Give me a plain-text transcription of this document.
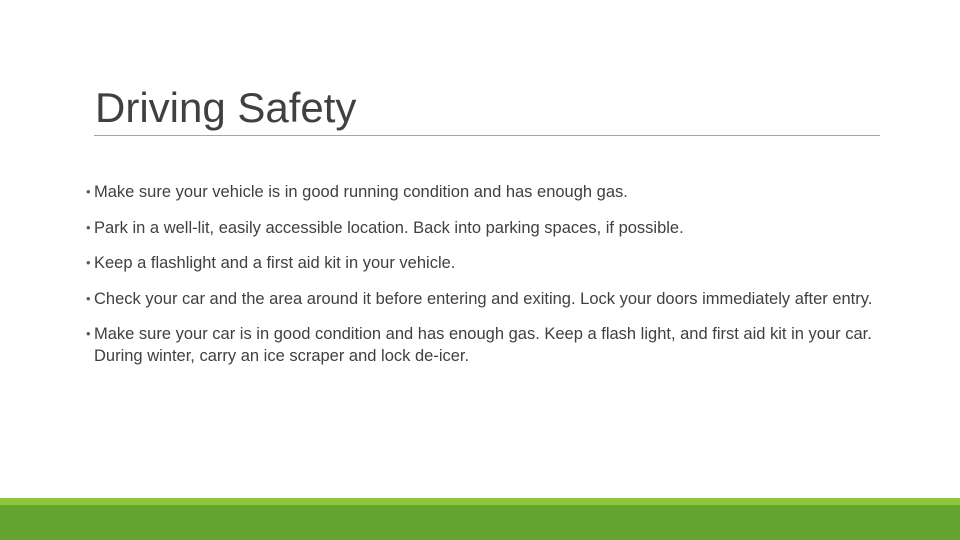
Driving Safety
• Make sure your vehicle is in good running condition and has enough gas.
• Park in a well-lit, easily accessible location. Back into parking spaces, if possible.
• Keep a flashlight and a first aid kit in your vehicle.
• Check your car and the area around it before entering and exiting. Lock your doors immediately after entry.
• Make sure your car is in good condition and has enough gas. Keep a flash light, and first aid kit in your car. During winter, carry an ice scraper and lock de-icer.
